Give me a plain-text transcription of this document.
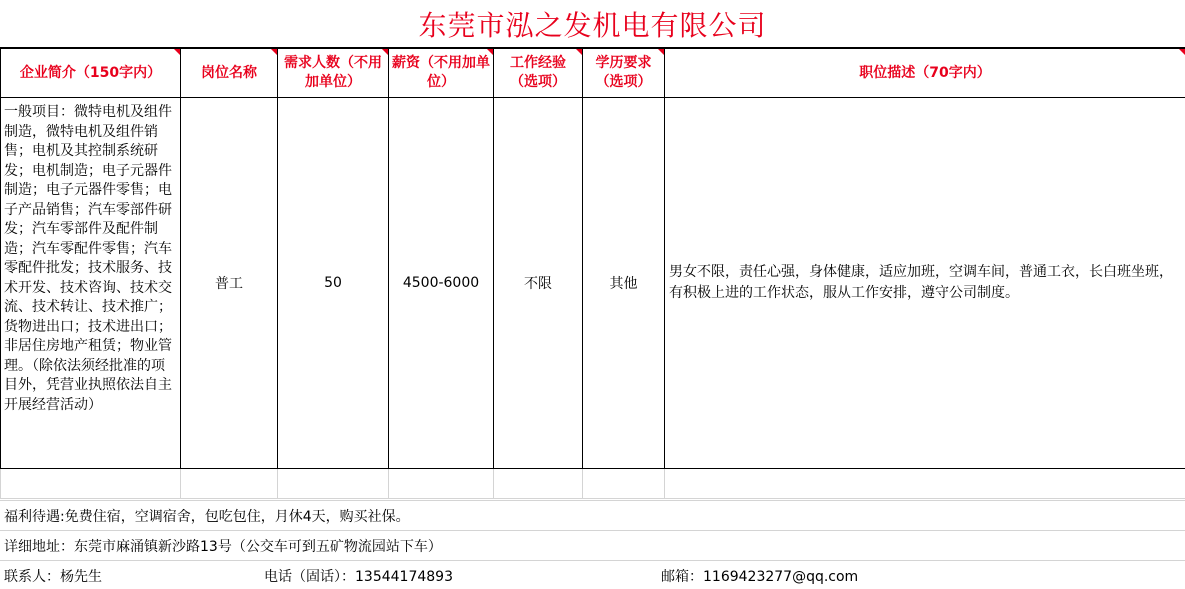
东莞市泓之发机电有限公司
企业简介（150字内）	岗位名称	需求人数（不用加单位）	薪资（不用加单位）	工作经验（选项）	学历要求（选项）	职位描述（70字内）

一般项目：微特电机及组件制造，微特电机及组件销售；电机及其控制系统研发；电机制造；电子元器件制造；电子元器件零售；电子产品销售；汽车零部件研发；汽车零部件及配件制造；汽车零配件零售；汽车零配件批发；技术服务、技术开发、技术咨询、技术交流、技术转让、技术推广；货物进出口；技术进出口；非居住房地产租赁；物业管理。（除依法须经批准的项目外，凭营业执照依法自主开展经营活动）	普工	50	4500-6000	不限	其他	男女不限，责任心强，身体健康，适应加班，空调车间，普通工衣，长白班坐班，有积极上进的工作状态，服从工作安排，遵守公司制度。

福利待遇:免费住宿，空调宿舍，包吃包住，月休4天，购买社保。
详细地址：东莞市麻涌镇新沙路13号（公交车可到五矿物流园站下车）
联系人：杨先生	电话（固话）：13544174893	邮箱：1169423277@qq.com
